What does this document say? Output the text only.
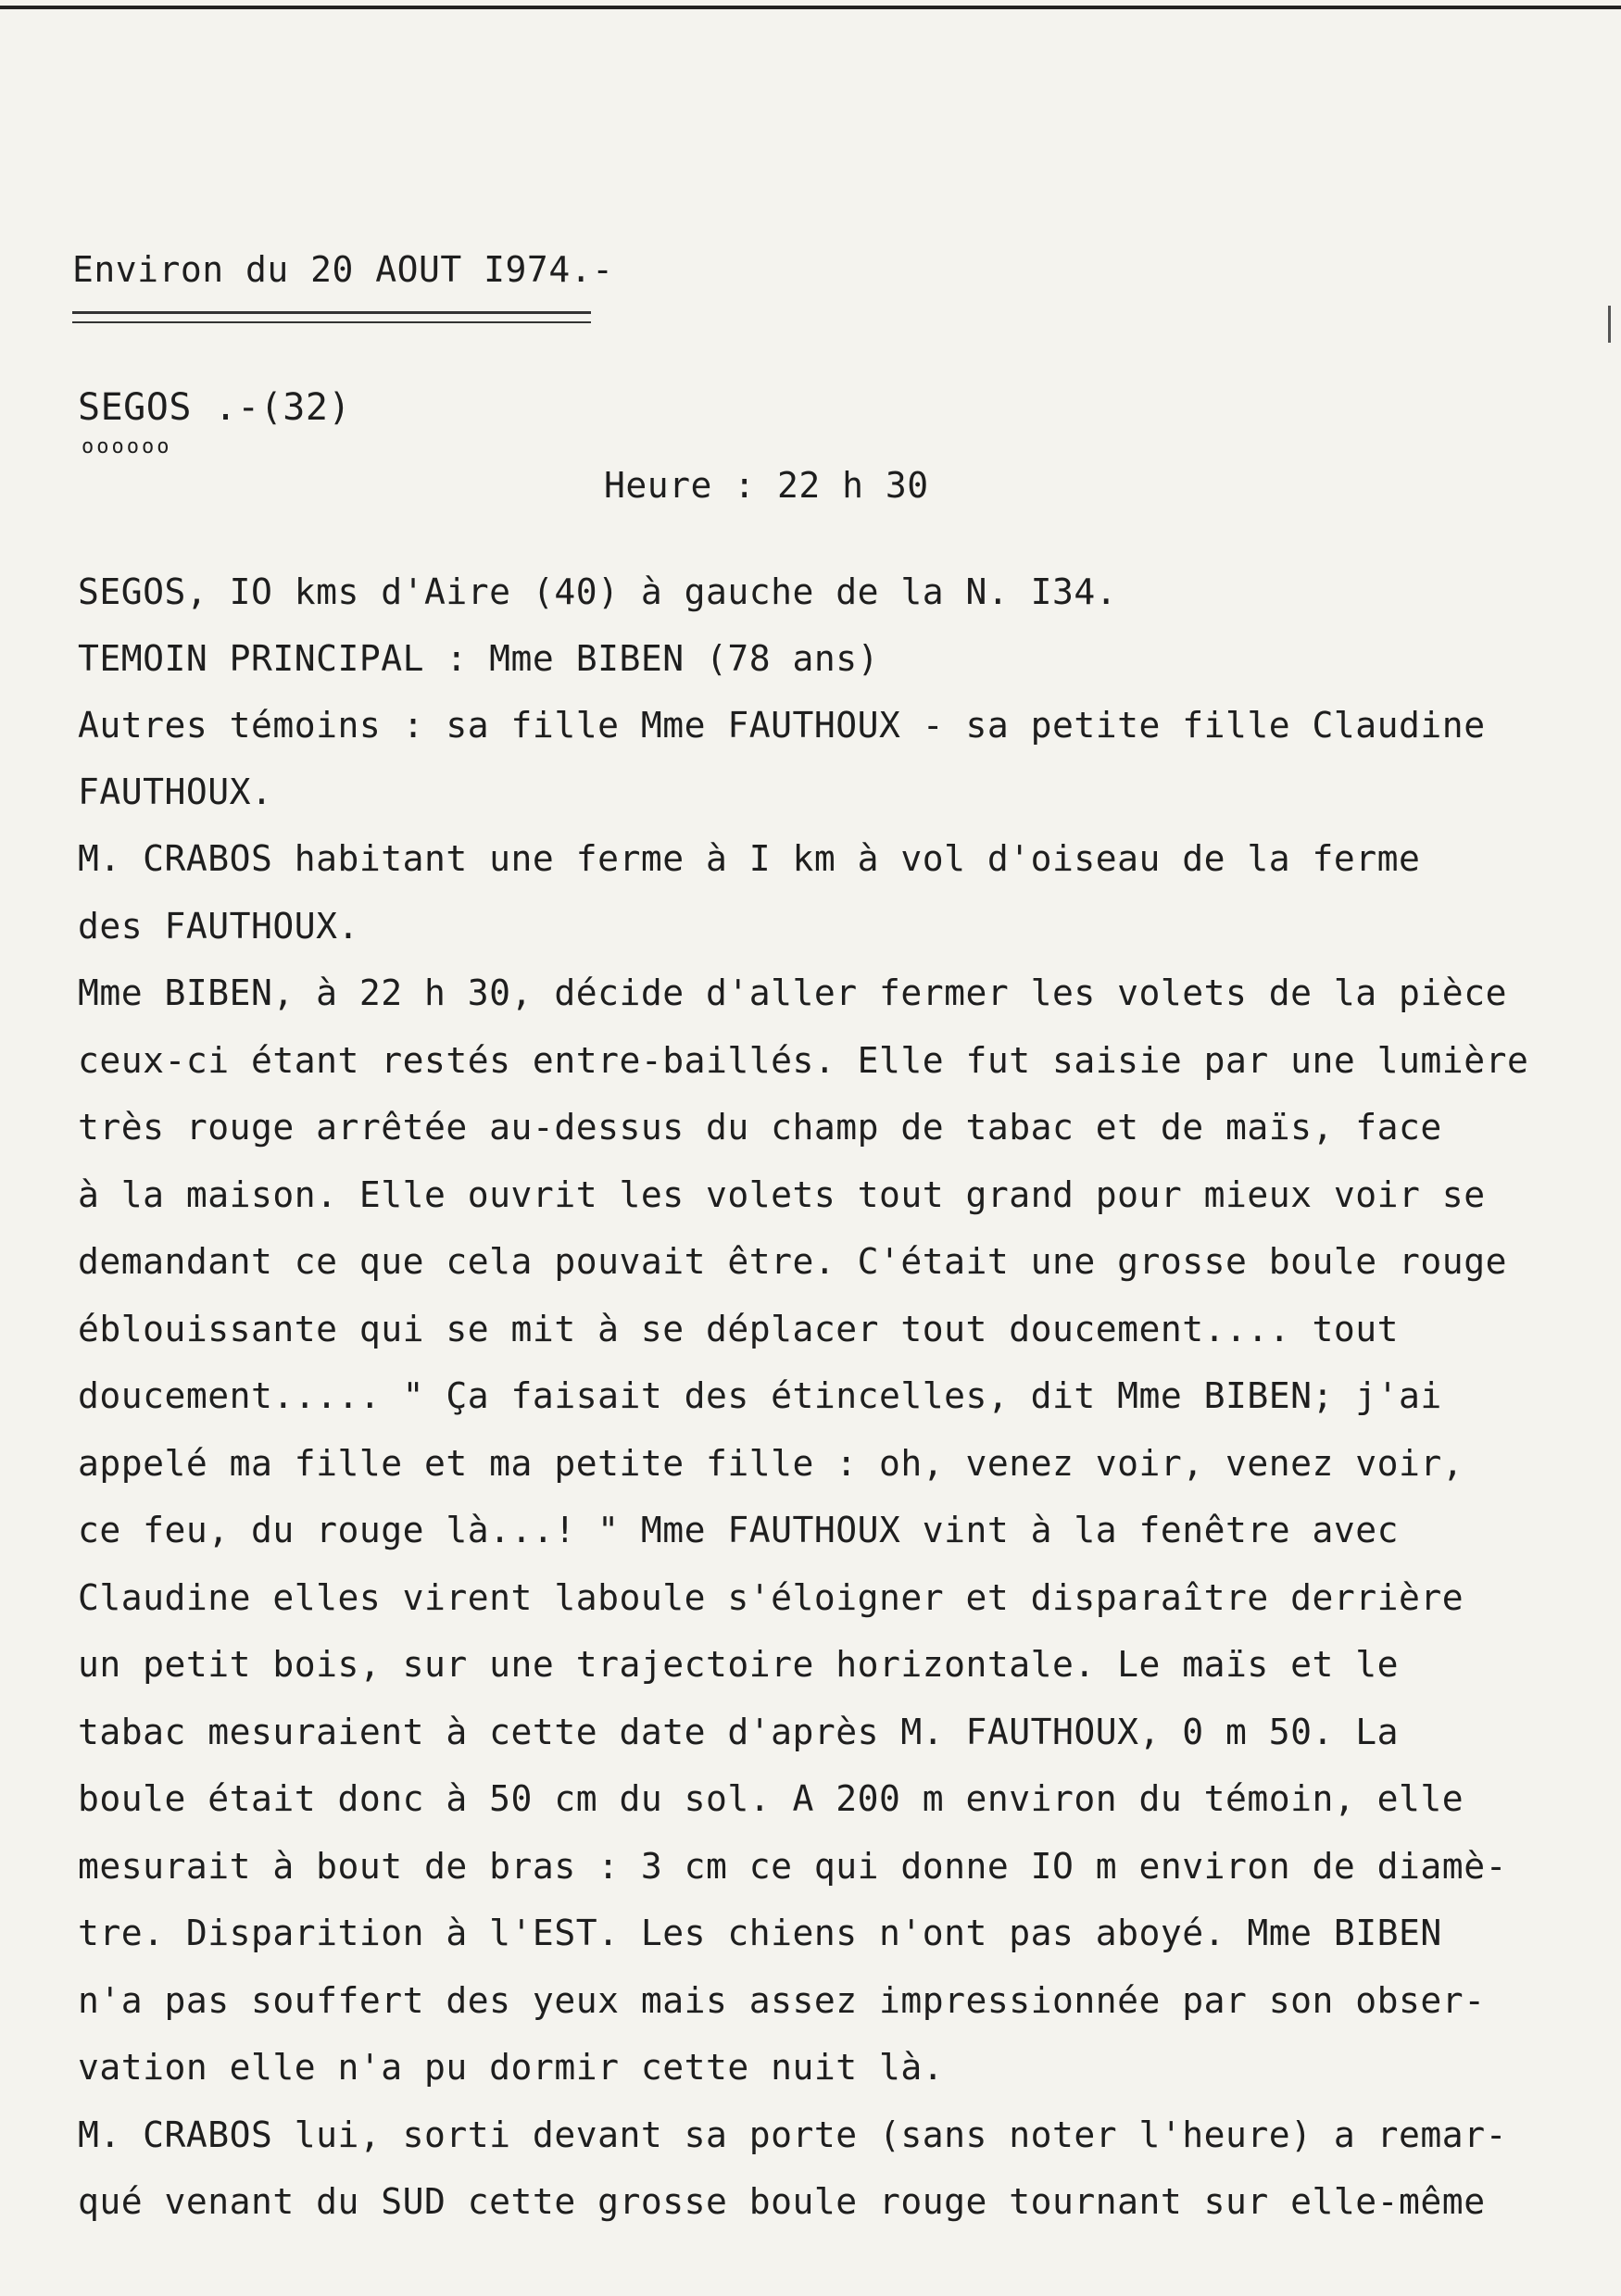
Environ du 20 AOUT I974.-
SEGOS .-(32)
oooooo
Heure : 22 h 30
SEGOS, IO kms d'Aire (40) à gauche de la N. I34.
TEMOIN PRINCIPAL : Mme BIBEN (78 ans)
Autres témoins : sa fille Mme FAUTHOUX - sa petite fille Claudine
FAUTHOUX.
M. CRABOS habitant une ferme à I km à vol d'oiseau de la ferme
des FAUTHOUX.
Mme BIBEN, à 22 h 30, décide d'aller fermer les volets de la pièce
ceux-ci étant restés entre-baillés. Elle fut saisie par une lumière
très rouge arrêtée au-dessus du champ de tabac et de maïs, face
à la maison. Elle ouvrit les volets tout grand pour mieux voir se
demandant ce que cela pouvait être. C'était une grosse boule rouge
éblouissante qui se mit à se déplacer tout doucement.... tout
doucement..... " Ça faisait des étincelles, dit Mme BIBEN; j'ai
appelé ma fille et ma petite fille : oh, venez voir, venez voir,
ce feu, du rouge là...! " Mme FAUTHOUX vint à la fenêtre avec
Claudine elles virent laboule s'éloigner et disparaître derrière
un petit bois, sur une trajectoire horizontale. Le maïs et le
tabac mesuraient à cette date d'après M. FAUTHOUX, 0 m 50. La
boule était donc à 50 cm du sol. A 200 m environ du témoin, elle
mesurait à bout de bras : 3 cm ce qui donne IO m environ de diamè-
tre. Disparition à l'EST. Les chiens n'ont pas aboyé. Mme BIBEN
n'a pas souffert des yeux mais assez impressionnée par son obser-
vation elle n'a pu dormir cette nuit là.
M. CRABOS lui, sorti devant sa porte (sans noter l'heure) a remar-
qué venant du SUD cette grosse boule rouge tournant sur elle-même
